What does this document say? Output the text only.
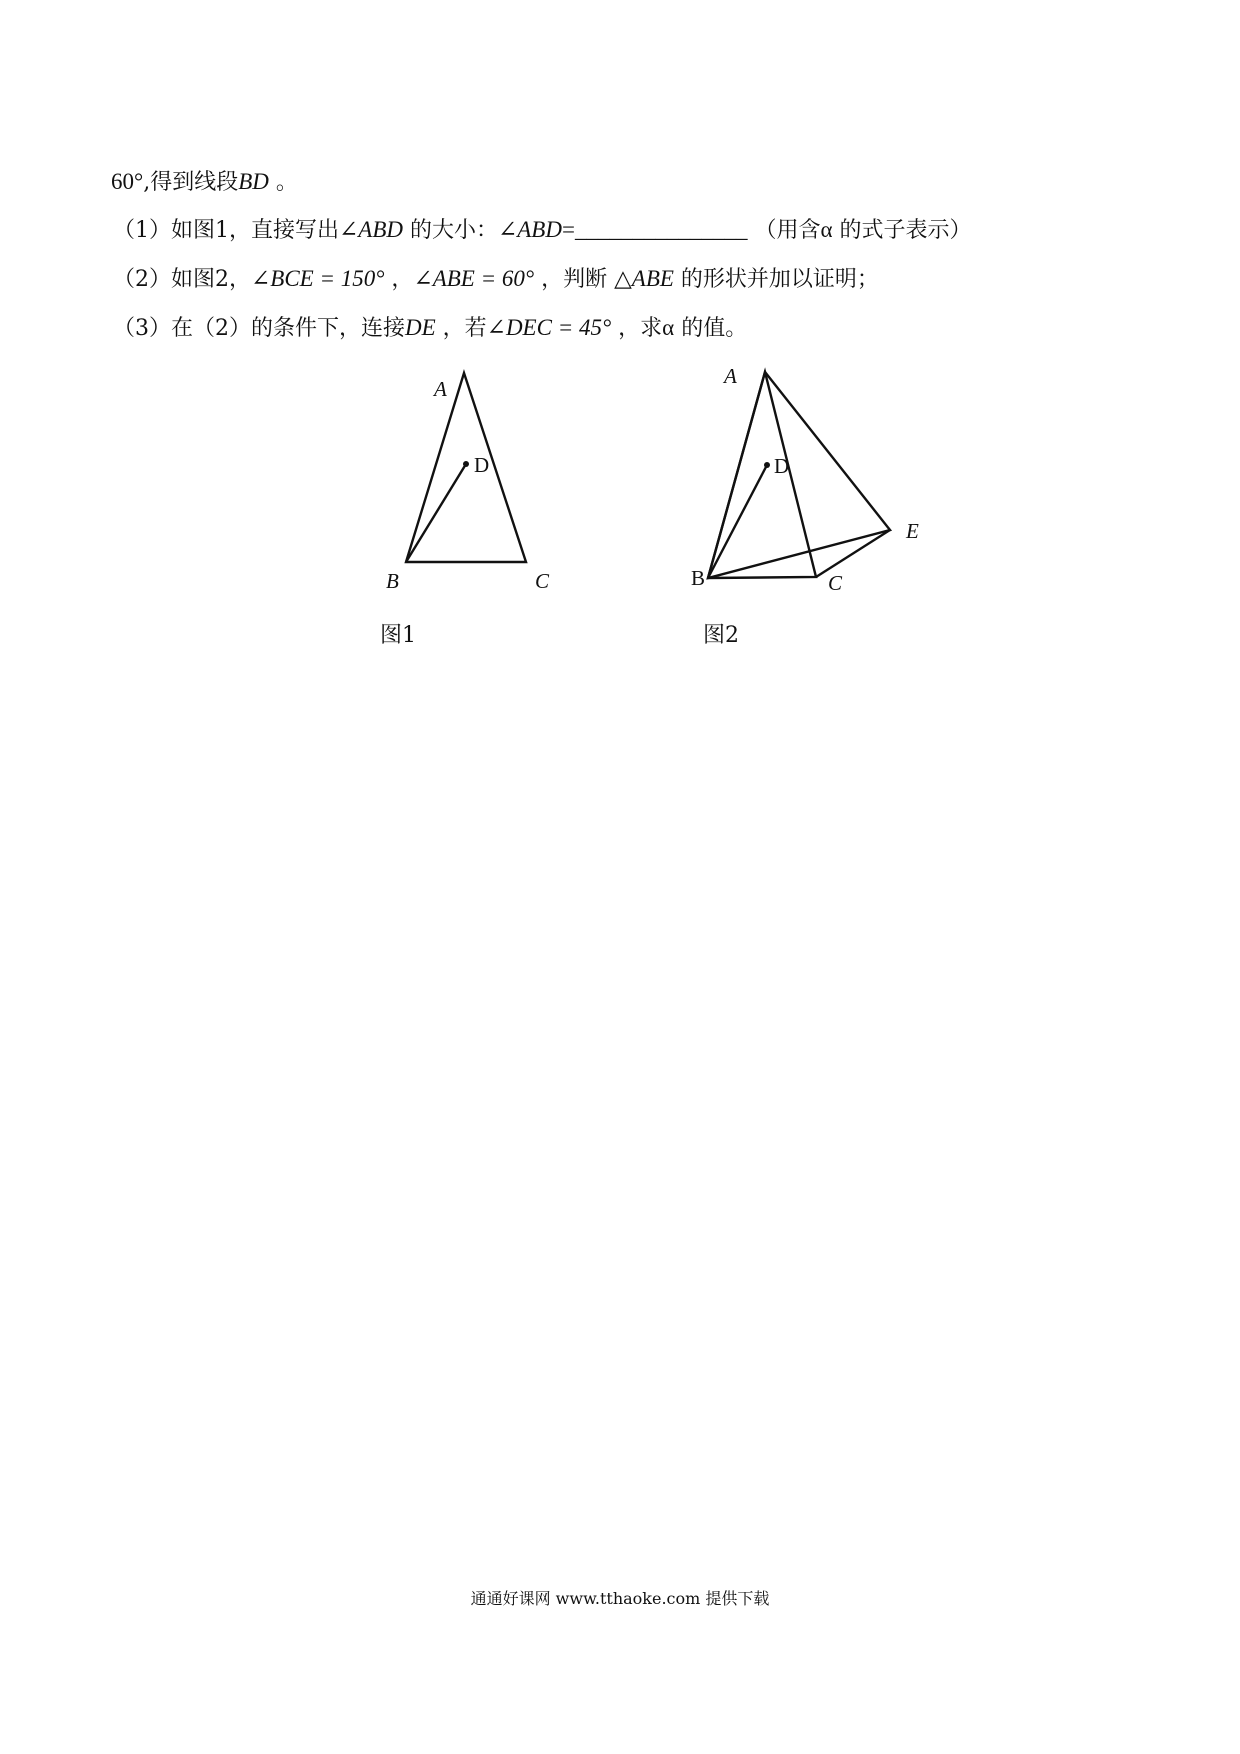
60°,得到线段BD 。
（1）如图1，直接写出∠ABD 的大小：∠ABD=_______________ （用含α 的式子表示）
（2）如图2，∠BCE = 150° ，∠ABE = 60° ，判断 △ABE 的形状并加以证明；
（3）在（2）的条件下，连接DE ，若∠DEC = 45° ，求α 的值。
A
D
B	C
图1
A
D
E
B	C
图2
通通好课网 www.tthaoke.com 提供下载
